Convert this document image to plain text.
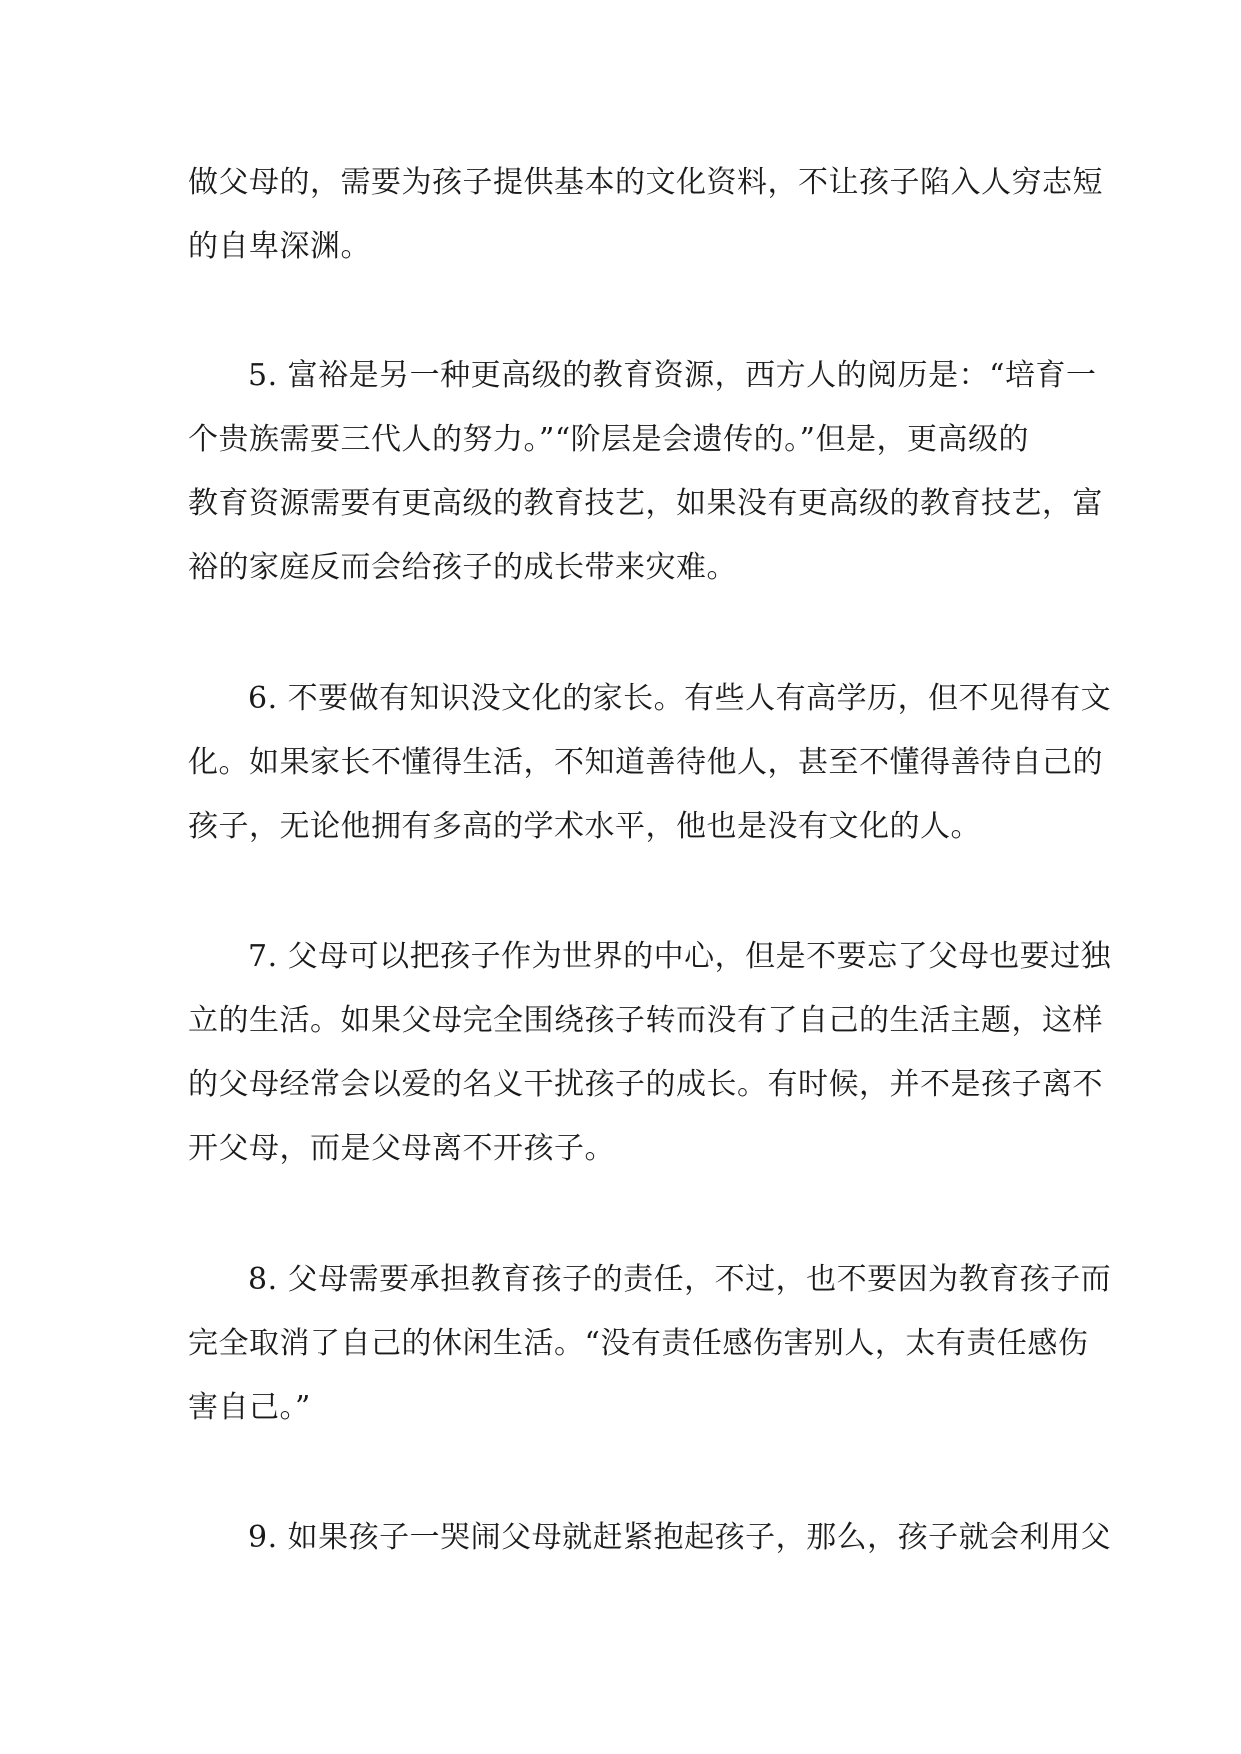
做父母的，需要为孩子提供基本的文化资料，不让孩子陷入人穷志短
的自卑深渊。

5. 富裕是另一种更高级的教育资源，西方人的阅历是：“培育一
个贵族需要三代人的努力。”“阶层是会遗传的。”但是，更高级的
教育资源需要有更高级的教育技艺，如果没有更高级的教育技艺，富
裕的家庭反而会给孩子的成长带来灾难。

6. 不要做有知识没文化的家长。有些人有高学历，但不见得有文
化。如果家长不懂得生活，不知道善待他人，甚至不懂得善待自己的
孩子，无论他拥有多高的学术水平，他也是没有文化的人。

7. 父母可以把孩子作为世界的中心，但是不要忘了父母也要过独
立的生活。如果父母完全围绕孩子转而没有了自己的生活主题，这样
的父母经常会以爱的名义干扰孩子的成长。有时候，并不是孩子离不
开父母，而是父母离不开孩子。

8. 父母需要承担教育孩子的责任，不过，也不要因为教育孩子而
完全取消了自己的休闲生活。“没有责任感伤害别人，太有责任感伤
害自己。”

9. 如果孩子一哭闹父母就赶紧抱起孩子，那么，孩子就会利用父
